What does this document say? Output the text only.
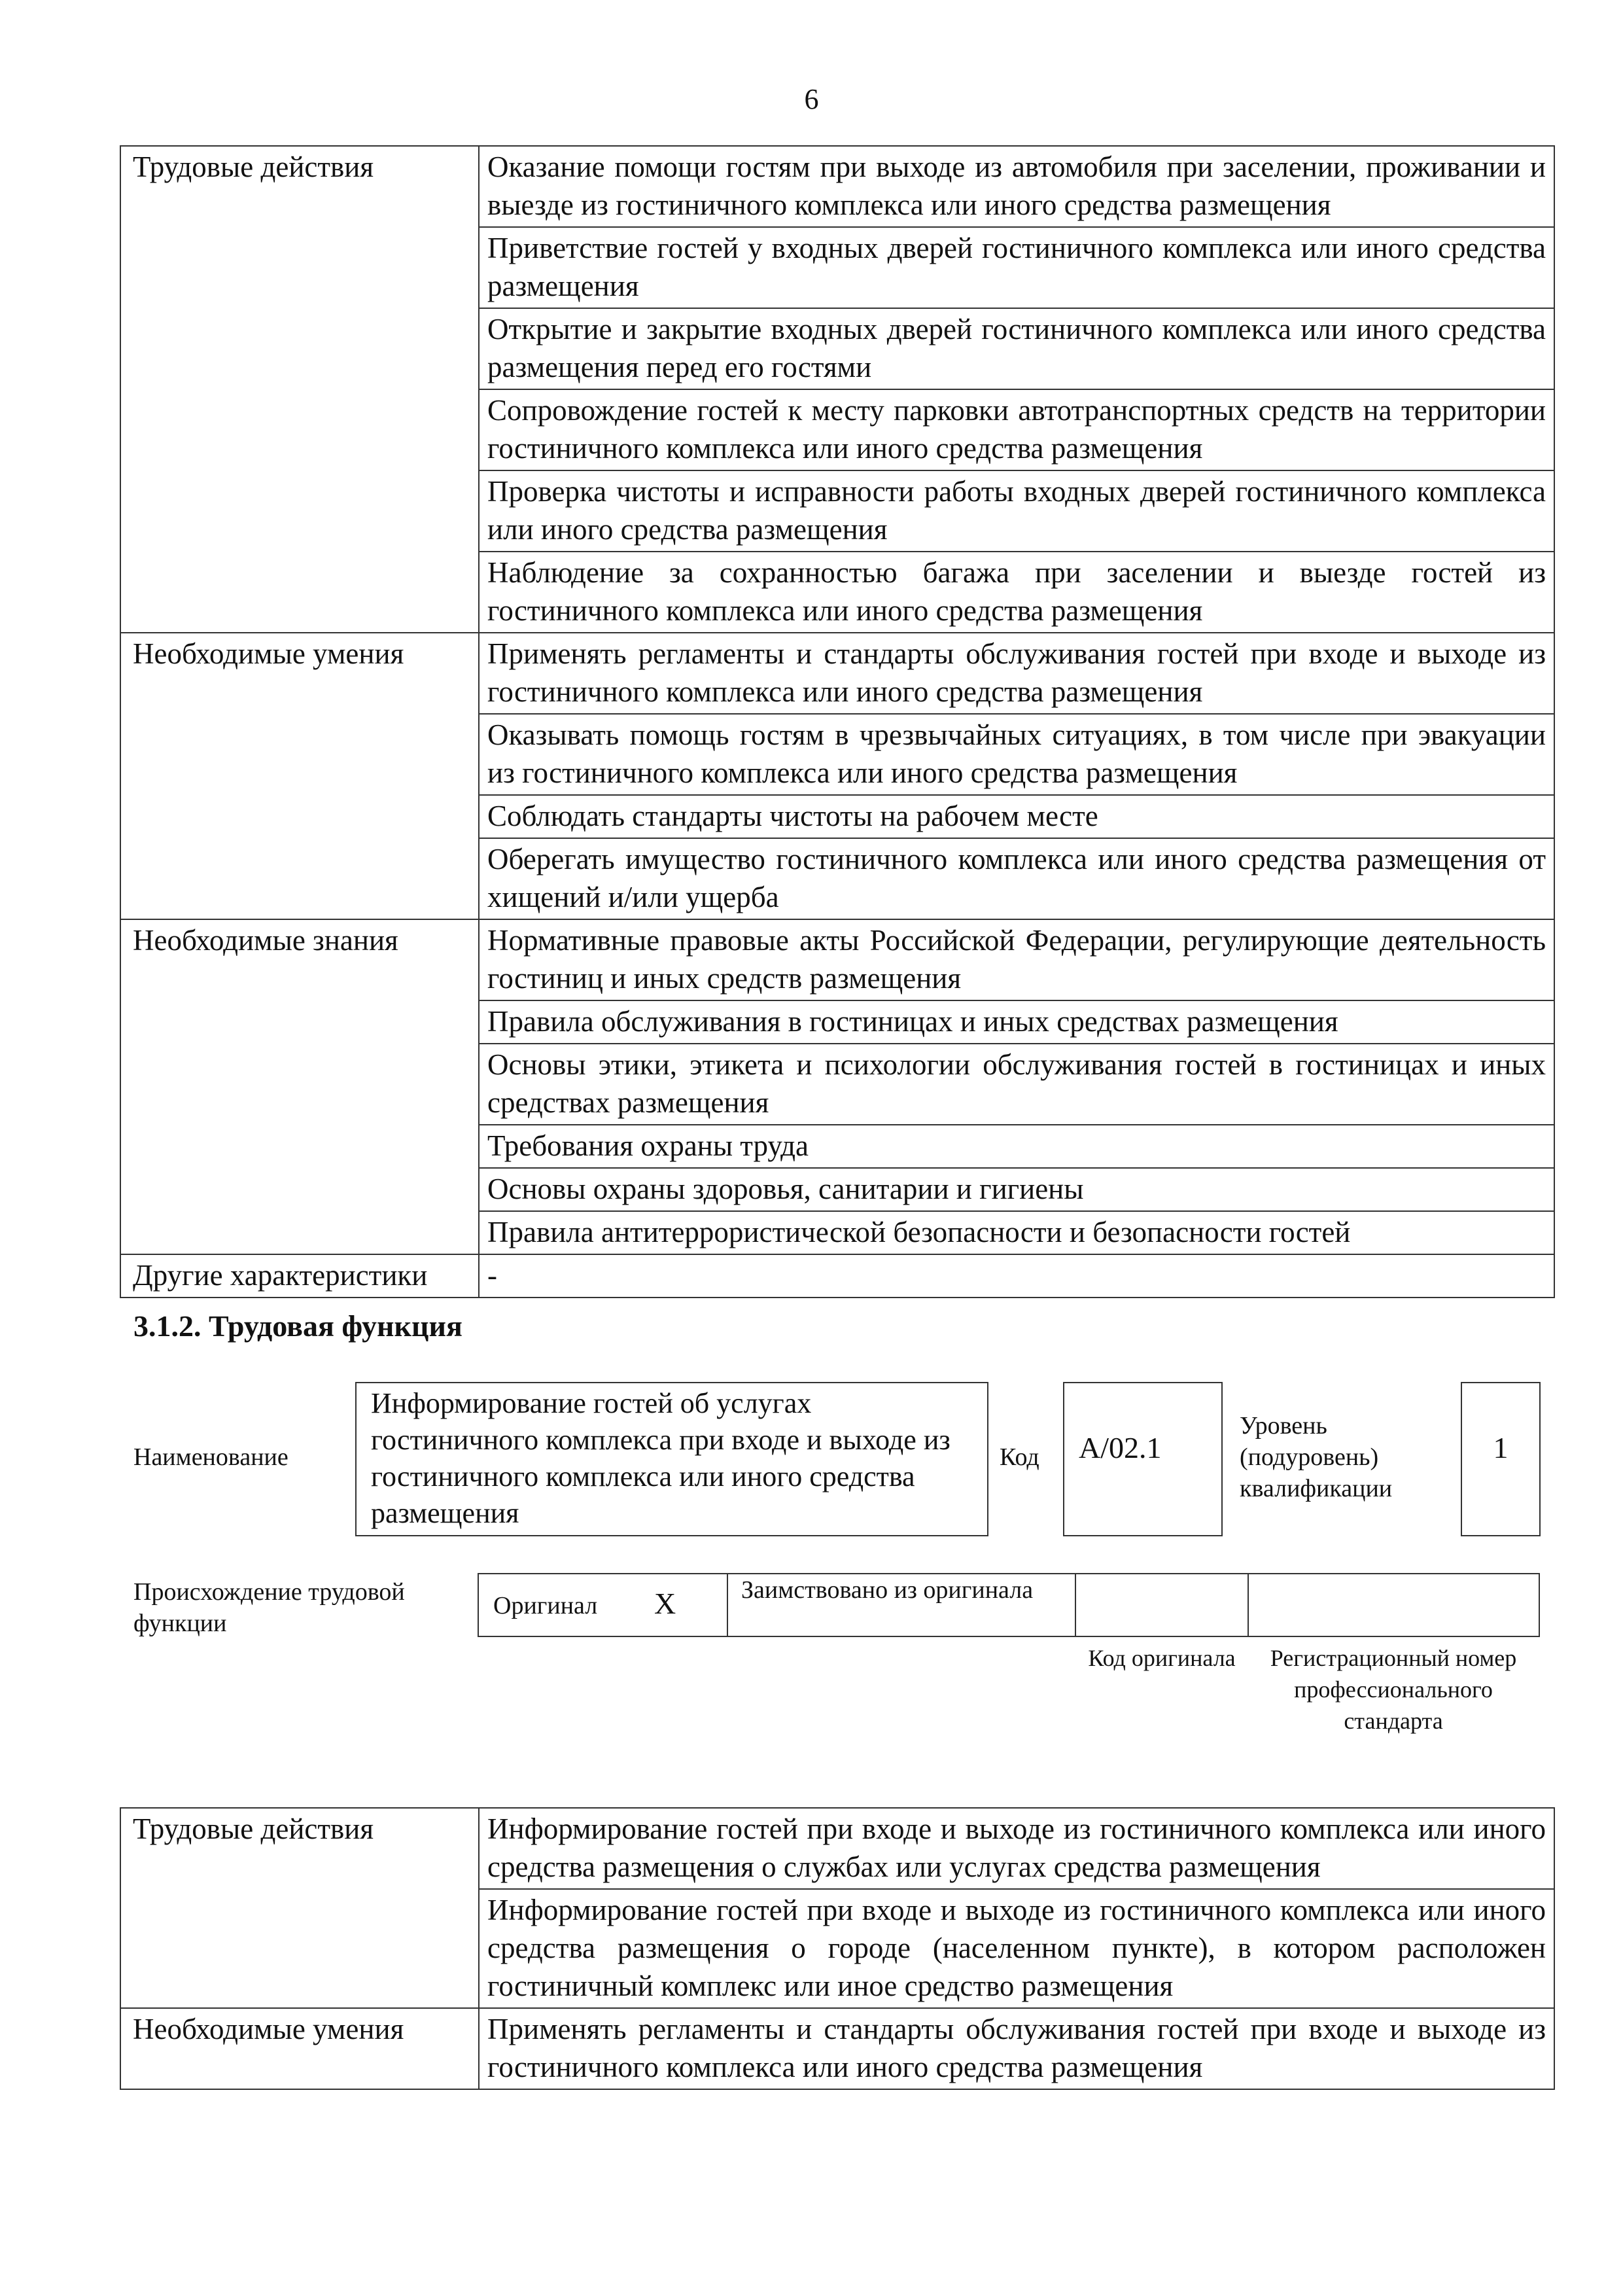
6
Трудовые действия	Оказание помощи гостям при выходе из автомобиля при заселении, проживании и выезде из гостиничного комплекса или иного средства размещения
	Приветствие гостей у входных дверей гостиничного комплекса или иного средства размещения
	Открытие и закрытие входных дверей гостиничного комплекса или иного средства размещения перед его гостями
	Сопровождение гостей к месту парковки автотранспортных средств на территории гостиничного комплекса или иного средства размещения
	Проверка чистоты и исправности работы входных дверей гостиничного комплекса или иного средства размещения
	Наблюдение за сохранностью багажа при заселении и выезде гостей из гостиничного комплекса или иного средства размещения
Необходимые умения	Применять регламенты и стандарты обслуживания гостей при входе и выходе из гостиничного комплекса или иного средства размещения
	Оказывать помощь гостям в чрезвычайных ситуациях, в том числе при эвакуации из гостиничного комплекса или иного средства размещения
	Соблюдать стандарты чистоты на рабочем месте
	Оберегать имущество гостиничного комплекса или иного средства размещения от хищений и/или ущерба
Необходимые знания	Нормативные правовые акты Российской Федерации, регулирующие деятельность гостиниц и иных средств размещения
	Правила обслуживания в гостиницах и иных средствах размещения
	Основы этики, этикета и психологии обслуживания гостей в гостиницах и иных средствах размещения
	Требования охраны труда
	Основы охраны здоровья, санитарии и гигиены
	Правила антитеррористической безопасности и безопасности гостей
Другие характеристики	-
3.1.2. Трудовая функция
Наименование
Информирование гостей об услугах гостиничного комплекса при входе и выходе из гостиничного комплекса или иного средства размещения
Код	A/02.1
Уровень (подуровень) квалификации
1
Происхождение трудовой функции
Оригинал X	Заимствовано из оригинала
Код оригинала	Регистрационный номер профессионального стандарта
Трудовые действия	Информирование гостей при входе и выходе из гостиничного комплекса или иного средства размещения о службах или услугах средства размещения
	Информирование гостей при входе и выходе из гостиничного комплекса или иного средства размещения о городе (населенном пункте), в котором расположен гостиничный комплекс или иное средство размещения
Необходимые умения	Применять регламенты и стандарты обслуживания гостей при входе и выходе из гостиничного комплекса или иного средства размещения
